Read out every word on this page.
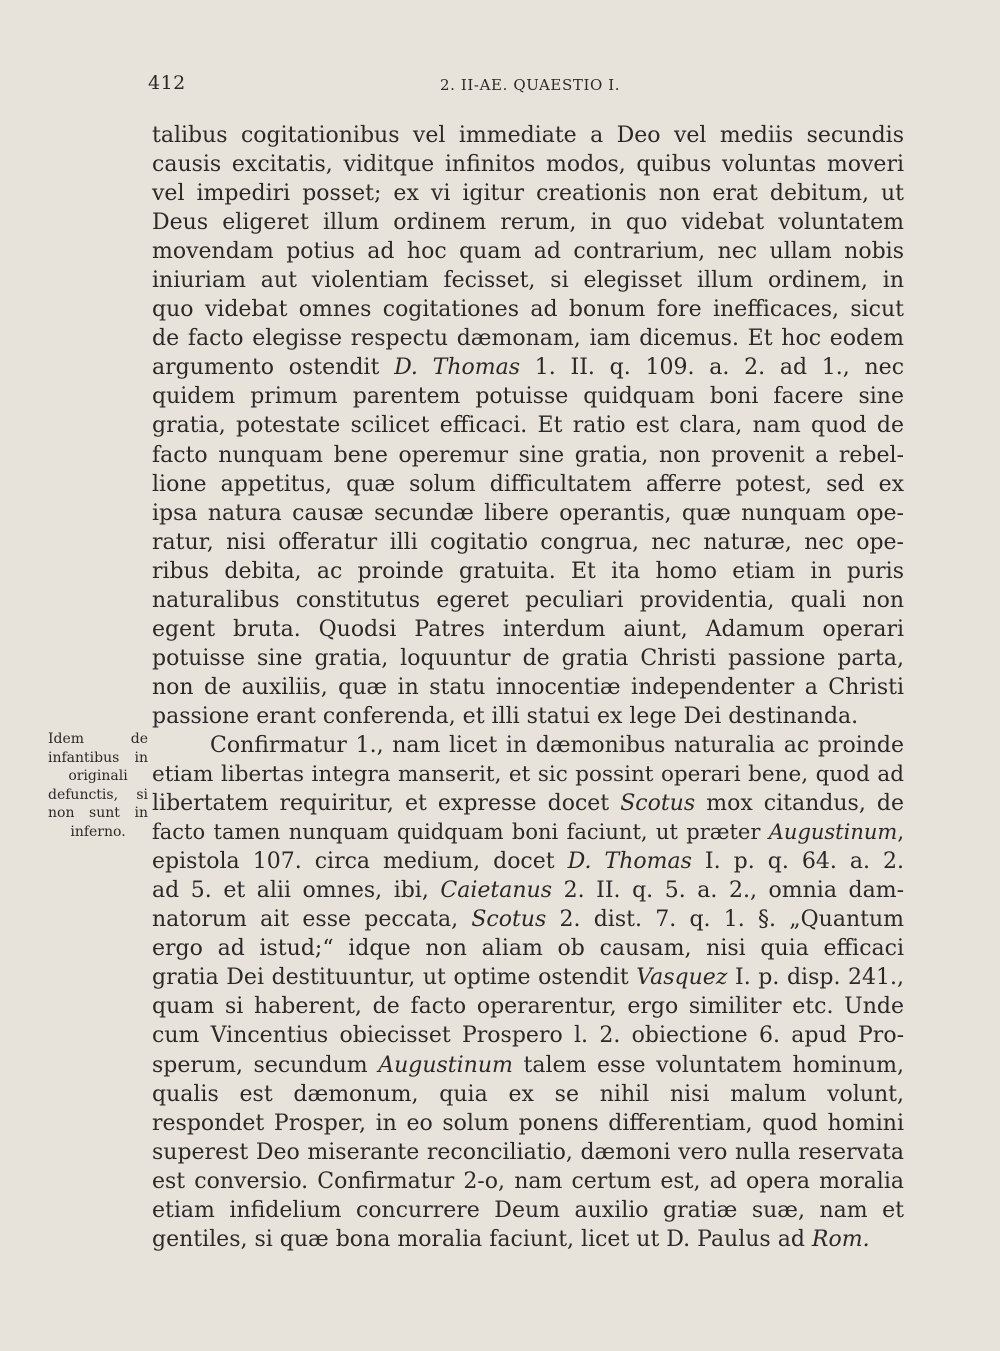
412	2. II-AE. QUAESTIO I.
Idem de
infantibus in
originali
defunctis, si
non sunt in
inferno.
talibus cogitationibus vel immediate a Deo vel mediis secundis
causis excitatis, viditque infinitos modos, quibus voluntas moveri
vel impediri posset; ex vi igitur creationis non erat debitum, ut
Deus eligeret illum ordinem rerum, in quo videbat voluntatem
movendam potius ad hoc quam ad contrarium, nec ullam nobis
iniuriam aut violentiam fecisset, si elegisset illum ordinem, in
quo videbat omnes cogitationes ad bonum fore inefficaces, sicut
de facto elegisse respectu dæmonam, iam dicemus. Et hoc eodem
argumento ostendit D. Thomas 1. II. q. 109. a. 2. ad 1., nec
quidem primum parentem potuisse quidquam boni facere sine
gratia, potestate scilicet efficaci. Et ratio est clara, nam quod de
facto nunquam bene operemur sine gratia, non provenit a rebel-
lione appetitus, quæ solum difficultatem afferre potest, sed ex
ipsa natura causæ secundæ libere operantis, quæ nunquam ope-
ratur, nisi offeratur illi cogitatio congrua, nec naturæ, nec ope-
ribus debita, ac proinde gratuita. Et ita homo etiam in puris
naturalibus constitutus egeret peculiari providentia, quali non
egent bruta. Quodsi Patres interdum aiunt, Adamum operari
potuisse sine gratia, loquuntur de gratia Christi passione parta,
non de auxiliis, quæ in statu innocentiæ independenter a Christi
passione erant conferenda, et illi statui ex lege Dei destinanda.
Confirmatur 1., nam licet in dæmonibus naturalia ac proinde
etiam libertas integra manserit, et sic possint operari bene, quod ad
libertatem requiritur, et expresse docet Scotus mox citandus, de
facto tamen nunquam quidquam boni faciunt, ut præter Augustinum,
epistola 107. circa medium, docet D. Thomas I. p. q. 64. a. 2.
ad 5. et alii omnes, ibi, Caietanus 2. II. q. 5. a. 2., omnia dam-
natorum ait esse peccata, Scotus 2. dist. 7. q. 1. §. „Quantum
ergo ad istud;“ idque non aliam ob causam, nisi quia efficaci
gratia Dei destituuntur, ut optime ostendit Vasquez I. p. disp. 241.,
quam si haberent, de facto operarentur, ergo similiter etc. Unde
cum Vincentius obiecisset Prospero l. 2. obiectione 6. apud Pro-
sperum, secundum Augustinum talem esse voluntatem hominum,
qualis est dæmonum, quia ex se nihil nisi malum volunt,
respondet Prosper, in eo solum ponens differentiam, quod homini
superest Deo miserante reconciliatio, dæmoni vero nulla reservata
est conversio. Confirmatur 2-o, nam certum est, ad opera moralia
etiam infidelium concurrere Deum auxilio gratiæ suæ, nam et
gentiles, si quæ bona moralia faciunt, licet ut D. Paulus ad Rom.
